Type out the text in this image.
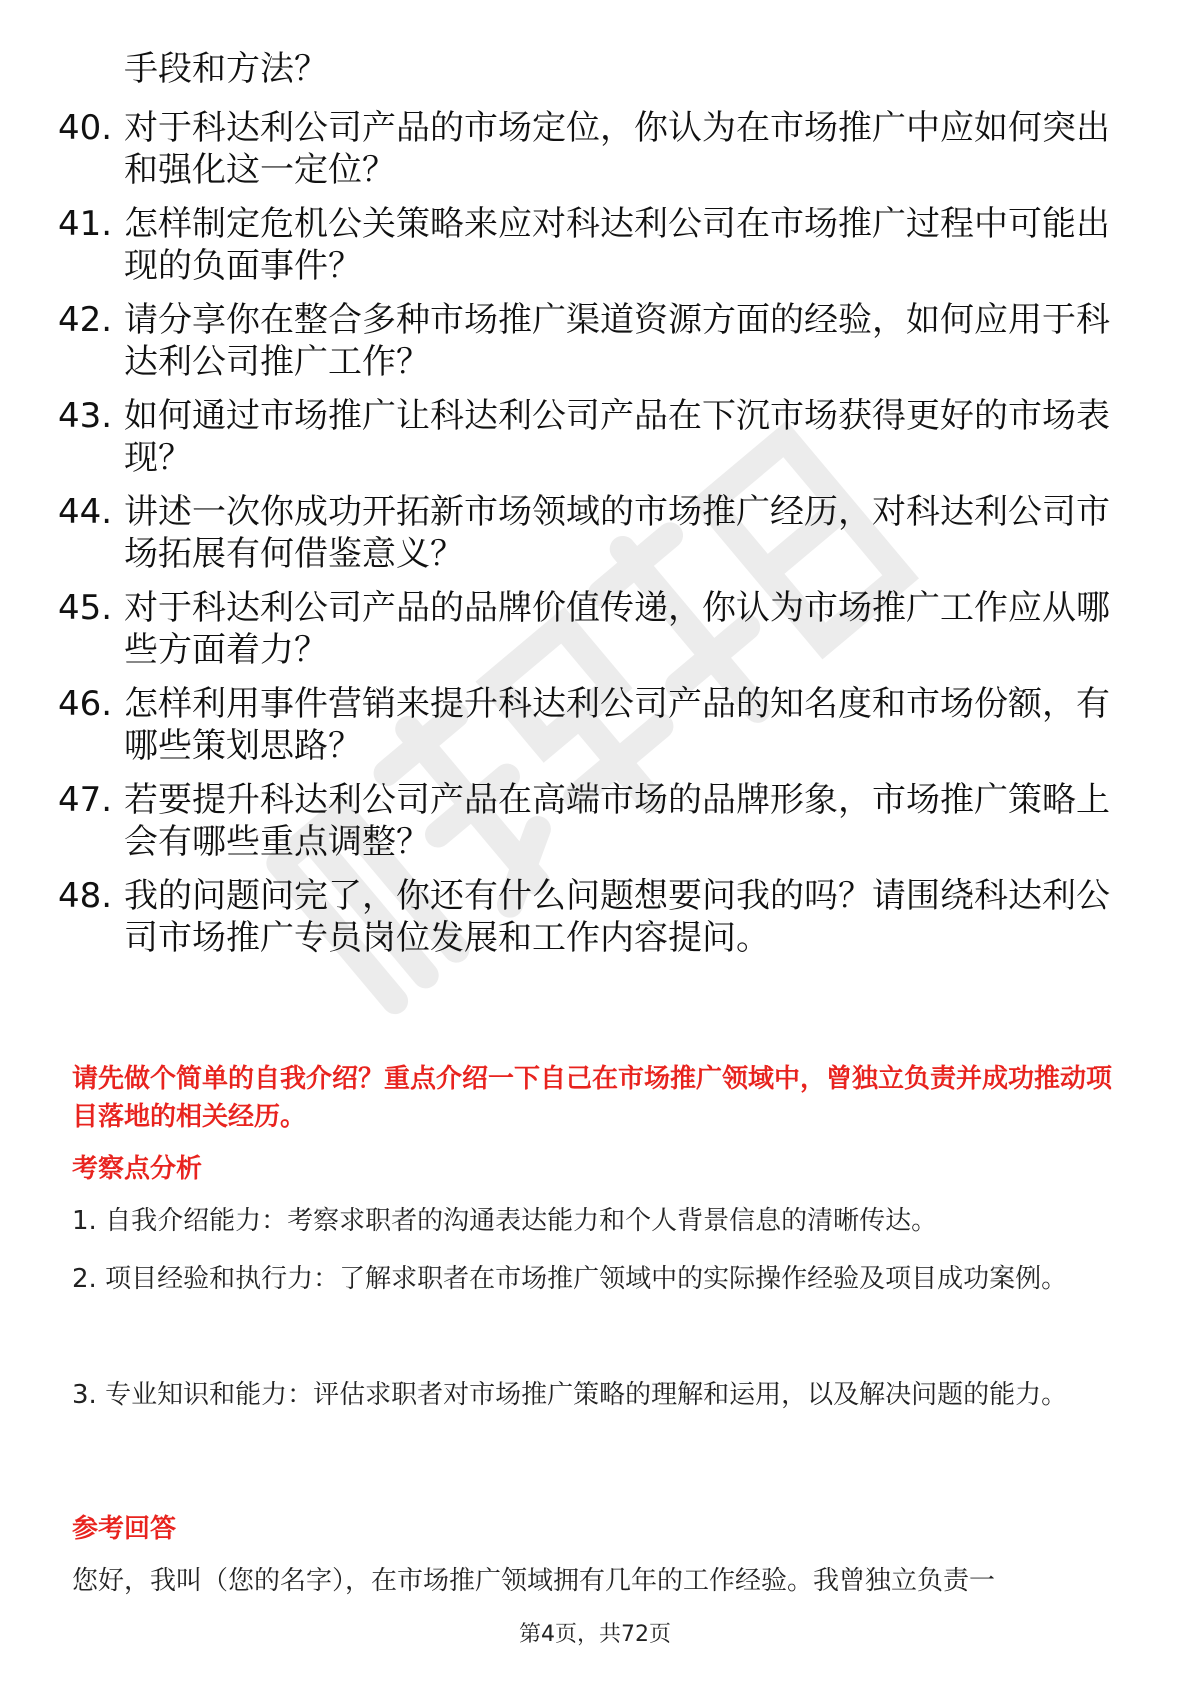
手段和方法？
40. 对于科达利公司产品的市场定位，你认为在市场推广中应如何突出和强化这一定位？
41. 怎样制定危机公关策略来应对科达利公司在市场推广过程中可能出现的负面事件？
42. 请分享你在整合多种市场推广渠道资源方面的经验，如何应用于科达利公司推广工作？
43. 如何通过市场推广让科达利公司产品在下沉市场获得更好的市场表现？
44. 讲述一次你成功开拓新市场领域的市场推广经历，对科达利公司市场拓展有何借鉴意义？
45. 对于科达利公司产品的品牌价值传递，你认为市场推广工作应从哪些方面着力？
46. 怎样利用事件营销来提升科达利公司产品的知名度和市场份额，有哪些策划思路？
47. 若要提升科达利公司产品在高端市场的品牌形象，市场推广策略上会有哪些重点调整？
48. 我的问题问完了，你还有什么问题想要问我的吗？请围绕科达利公司市场推广专员岗位发展和工作内容提问。
请先做个简单的自我介绍？重点介绍一下自己在市场推广领域中，曾独立负责并成功推动项目落地的相关经历。
考察点分析
1. 自我介绍能力：考察求职者的沟通表达能力和个人背景信息的清晰传达。
2. 项目经验和执行力：了解求职者在市场推广领域中的实际操作经验及项目成功案例。
3. 专业知识和能力：评估求职者对市场推广策略的理解和运用，以及解决问题的能力。
参考回答
您好，我叫（您的名字），在市场推广领域拥有几年的工作经验。我曾独立负责一
第4页，共72页
